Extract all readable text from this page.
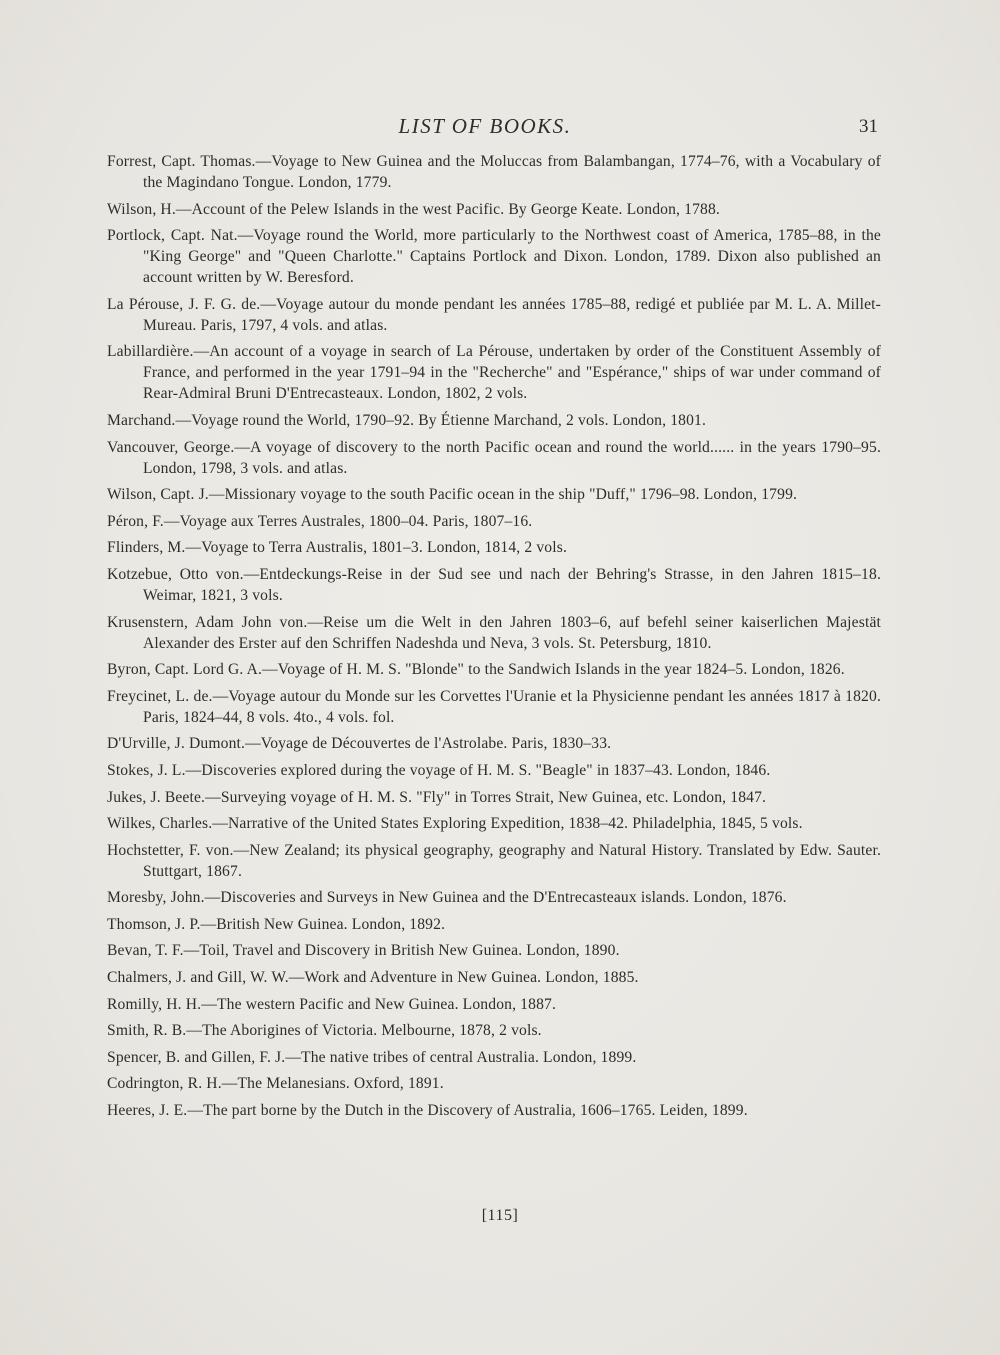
LIST OF BOOKS.	31

Forrest, Capt. Thomas.—Voyage to New Guinea and the Moluccas from Balambangan, 1774–76, with a Vocabulary of the Magindano Tongue. London, 1779.

Wilson, H.—Account of the Pelew Islands in the west Pacific. By George Keate. London, 1788.

Portlock, Capt. Nat.—Voyage round the World, more particularly to the Northwest coast of America, 1785–88, in the "King George" and "Queen Charlotte." Captains Portlock and Dixon. London, 1789. Dixon also published an account written by W. Beresford.

La Pérouse, J. F. G. de.—Voyage autour du monde pendant les années 1785–88, redigé et publiée par M. L. A. Millet-Mureau. Paris, 1797, 4 vols. and atlas.

Labillardière.—An account of a voyage in search of La Pérouse, undertaken by order of the Constituent Assembly of France, and performed in the year 1791–94 in the "Recherche" and "Espérance," ships of war under command of Rear-Admiral Bruni D'Entrecasteaux. London, 1802, 2 vols.

Marchand.—Voyage round the World, 1790–92. By Étienne Marchand, 2 vols. London, 1801.

Vancouver, George.—A voyage of discovery to the north Pacific ocean and round the world...... in the years 1790–95. London, 1798, 3 vols. and atlas.

Wilson, Capt. J.—Missionary voyage to the south Pacific ocean in the ship "Duff," 1796–98. London, 1799.

Péron, F.—Voyage aux Terres Australes, 1800–04. Paris, 1807–16.

Flinders, M.—Voyage to Terra Australis, 1801–3. London, 1814, 2 vols.

Kotzebue, Otto von.—Entdeckungs-Reise in der Sud see und nach der Behring's Strasse, in den Jahren 1815–18. Weimar, 1821, 3 vols.

Krusenstern, Adam John von.—Reise um die Welt in den Jahren 1803–6, auf befehl seiner kaiserlichen Majestät Alexander des Erster auf den Schriffen Nadeshda und Neva, 3 vols. St. Petersburg, 1810.

Byron, Capt. Lord G. A.—Voyage of H. M. S. "Blonde" to the Sandwich Islands in the year 1824–5. London, 1826.

Freycinet, L. de.—Voyage autour du Monde sur les Corvettes l'Uranie et la Physicienne pendant les années 1817 à 1820. Paris, 1824–44, 8 vols. 4to., 4 vols. fol.

D'Urville, J. Dumont.—Voyage de Découvertes de l'Astrolabe. Paris, 1830–33.

Stokes, J. L.—Discoveries explored during the voyage of H. M. S. "Beagle" in 1837–43. London, 1846.

Jukes, J. Beete.—Surveying voyage of H. M. S. "Fly" in Torres Strait, New Guinea, etc. London, 1847.

Wilkes, Charles.—Narrative of the United States Exploring Expedition, 1838–42. Philadelphia, 1845, 5 vols.

Hochstetter, F. von.—New Zealand; its physical geography, geography and Natural History. Translated by Edw. Sauter. Stuttgart, 1867.

Moresby, John.—Discoveries and Surveys in New Guinea and the D'Entrecasteaux islands. London, 1876.

Thomson, J. P.—British New Guinea. London, 1892.

Bevan, T. F.—Toil, Travel and Discovery in British New Guinea. London, 1890.

Chalmers, J. and Gill, W. W.—Work and Adventure in New Guinea. London, 1885.

Romilly, H. H.—The western Pacific and New Guinea. London, 1887.

Smith, R. B.—The Aborigines of Victoria. Melbourne, 1878, 2 vols.

Spencer, B. and Gillen, F. J.—The native tribes of central Australia. London, 1899.

Codrington, R. H.—The Melanesians. Oxford, 1891.

Heeres, J. E.—The part borne by the Dutch in the Discovery of Australia, 1606–1765. Leiden, 1899.

[115]
